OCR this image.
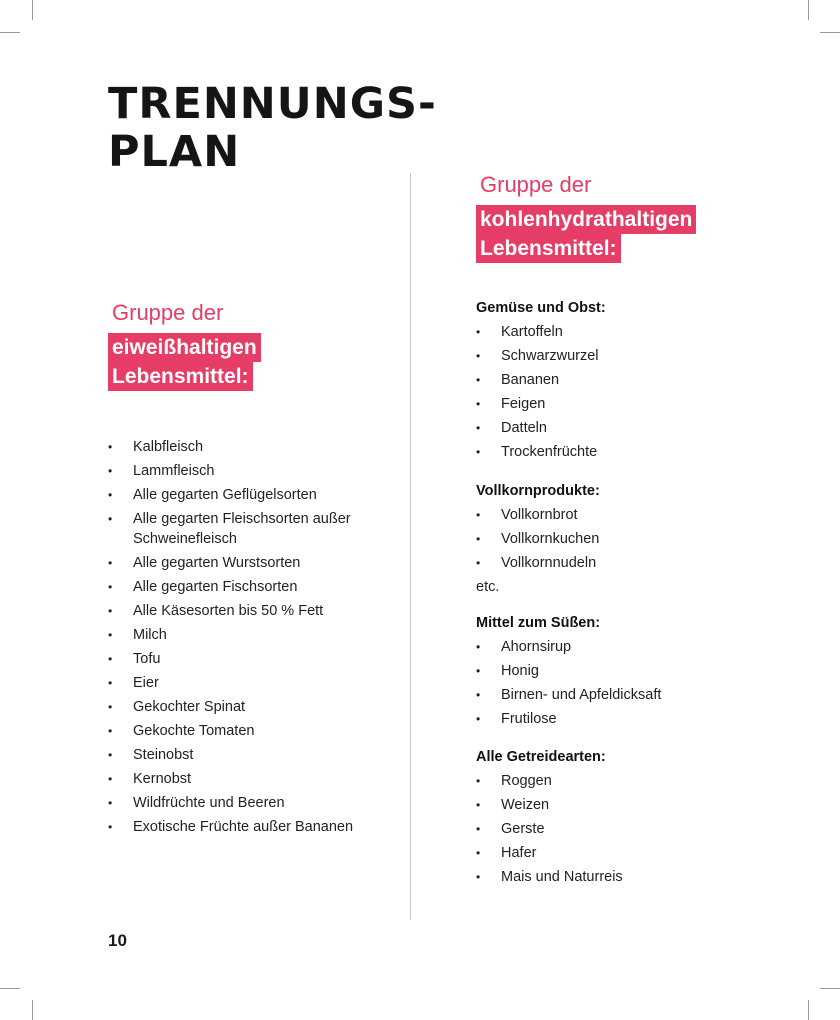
TRENNUNGS-
PLAN
Gruppe der
eiweißhaltigen
Lebensmittel:
• Kalbfleisch
• Lammfleisch
• Alle gegarten Geflügelsorten
• Alle gegarten Fleischsorten außer Schweinefleisch
• Alle gegarten Wurstsorten
• Alle gegarten Fischsorten
• Alle Käsesorten bis 50 % Fett
• Milch
• Tofu
• Eier
• Gekochter Spinat
• Gekochte Tomaten
• Steinobst
• Kernobst
• Wildfrüchte und Beeren
• Exotische Früchte außer Bananen
Gruppe der
kohlenhydrathaltigen
Lebensmittel:
Gemüse und Obst:
• Kartoffeln
• Schwarzwurzel
• Bananen
• Feigen
• Datteln
• Trockenfrüchte
Vollkornprodukte:
• Vollkornbrot
• Vollkornkuchen
• Vollkornnudeln
etc.
Mittel zum Süßen:
• Ahornsirup
• Honig
• Birnen- und Apfeldicksaft
• Frutilose
Alle Getreidearten:
• Roggen
• Weizen
• Gerste
• Hafer
• Mais und Naturreis
10
